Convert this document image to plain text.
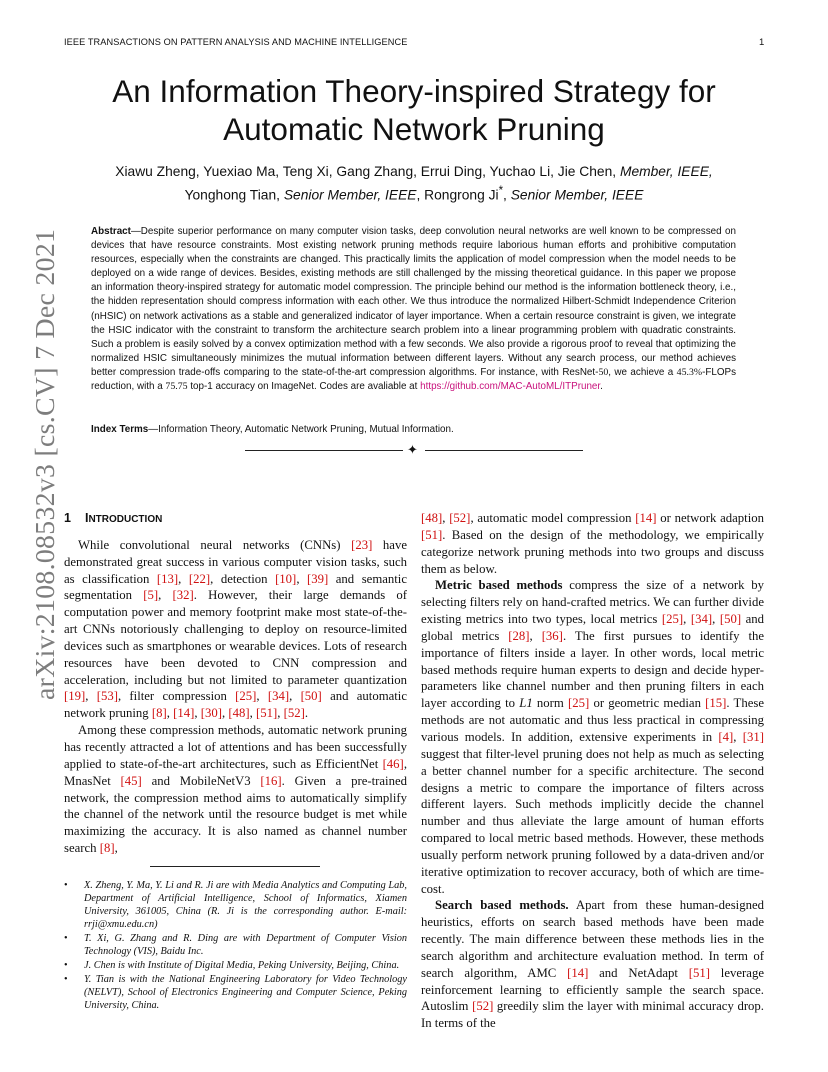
IEEE TRANSACTIONS ON PATTERN ANALYSIS AND MACHINE INTELLIGENCE	1
An Information Theory-inspired Strategy for Automatic Network Pruning
Xiawu Zheng, Yuexiao Ma, Teng Xi, Gang Zhang, Errui Ding, Yuchao Li, Jie Chen, Member, IEEE,
Yonghong Tian, Senior Member, IEEE, Rongrong Ji*, Senior Member, IEEE
Abstract—Despite superior performance on many computer vision tasks, deep convolution neural networks are well known to be compressed on devices that have resource constraints. Most existing network pruning methods require laborious human efforts and prohibitive computation resources, especially when the constraints are changed. This practically limits the application of model compression when the model needs to be deployed on a wide range of devices. Besides, existing methods are still challenged by the missing theoretical guidance. In this paper we propose an information theory-inspired strategy for automatic model compression. The principle behind our method is the information bottleneck theory, i.e., the hidden representation should compress information with each other. We thus introduce the normalized Hilbert-Schmidt Independence Criterion (nHSIC) on network activations as a stable and generalized indicator of layer importance. When a certain resource constraint is given, we integrate the HSIC indicator with the constraint to transform the architecture search problem into a linear programming problem with quadratic constraints. Such a problem is easily solved by a convex optimization method with a few seconds. We also provide a rigorous proof to reveal that optimizing the normalized HSIC simultaneously minimizes the mutual information between different layers. Without any search process, our method achieves better compression trade-offs comparing to the state-of-the-art compression algorithms. For instance, with ResNet-50, we achieve a 45.3%-FLOPs reduction, with a 75.75 top-1 accuracy on ImageNet. Codes are avaliable at https://github.com/MAC-AutoML/ITPruner.
Index Terms—Information Theory, Automatic Network Pruning, Mutual Information.
✦
arXiv:2108.08532v3 [cs.CV] 7 Dec 2021 1 INTRODUCTION

While convolutional neural networks (CNNs) [23] have demonstrated great success in various computer vision tasks, such as classification [13], [22], detection [10], [39] and semantic segmentation [5], [32]. However, their large demands of computation power and memory footprint make most state-of-the-art CNNs notoriously challenging to deploy on resource-limited devices such as smartphones or wearable devices. Lots of research resources have been devoted to CNN compression and acceleration, including but not limited to parameter quantization [19], [53], filter compression [25], [34], [50] and automatic network pruning [8], [14], [30], [48], [51], [52].

Among these compression methods, automatic network pruning has recently attracted a lot of attentions and has been successfully applied to state-of-the-art architectures, such as EfficientNet [46], MnasNet [45] and MobileNetV3 [16]. Given a pre-trained network, the compression method aims to automatically simplify the channel of the network until the resource budget is met while maximizing the accuracy. It is also named as channel number search [8],

• X. Zheng, Y. Ma, Y. Li and R. Ji are with Media Analytics and Computing Lab, Department of Artificial Intelligence, School of Informatics, Xiamen University, 361005, China (R. Ji is the corresponding author. E-mail: rrji@xmu.edu.cn)
• T. Xi, G. Zhang and R. Ding are with Department of Computer Vision Technology (VIS), Baidu Inc.
• J. Chen is with Institute of Digital Media, Peking University, Beijing, China.
• Y. Tian is with the National Engineering Laboratory for Video Technology (NELVT), School of Electronics Engineering and Computer Science, Peking University, China.

[48], [52], automatic model compression [14] or network adaption [51]. Based on the design of the methodology, we empirically categorize network pruning methods into two groups and discuss them as below.

Metric based methods compress the size of a network by selecting filters rely on hand-crafted metrics. We can further divide existing metrics into two types, local metrics [25], [34], [50] and global metrics [28], [36]. The first pursues to identify the importance of filters inside a layer. In other words, local metric based methods require human experts to design and decide hyper-parameters like channel number and then pruning filters in each layer according to L1 norm [25] or geometric median [15]. These methods are not automatic and thus less practical in compressing various models. In addition, extensive experiments in [4], [31] suggest that filter-level pruning does not help as much as selecting a better channel number for a specific architecture. The second designs a metric to compare the importance of filters across different layers. Such methods implicitly decide the channel number and thus alleviate the large amount of human efforts compared to local metric based methods. However, these methods usually perform network pruning followed by a data-driven and/or iterative optimization to recover accuracy, both of which are time-cost.

Search based methods. Apart from these human-designed heuristics, efforts on search based methods have been made recently. The main difference between these methods lies in the search algorithm and architecture evaluation method. In term of search algorithm, AMC [14] and NetAdapt [51] leverage reinforcement learning to efficiently sample the search space. Autoslim [52] greedily slim the layer with minimal accuracy drop. In terms of the
